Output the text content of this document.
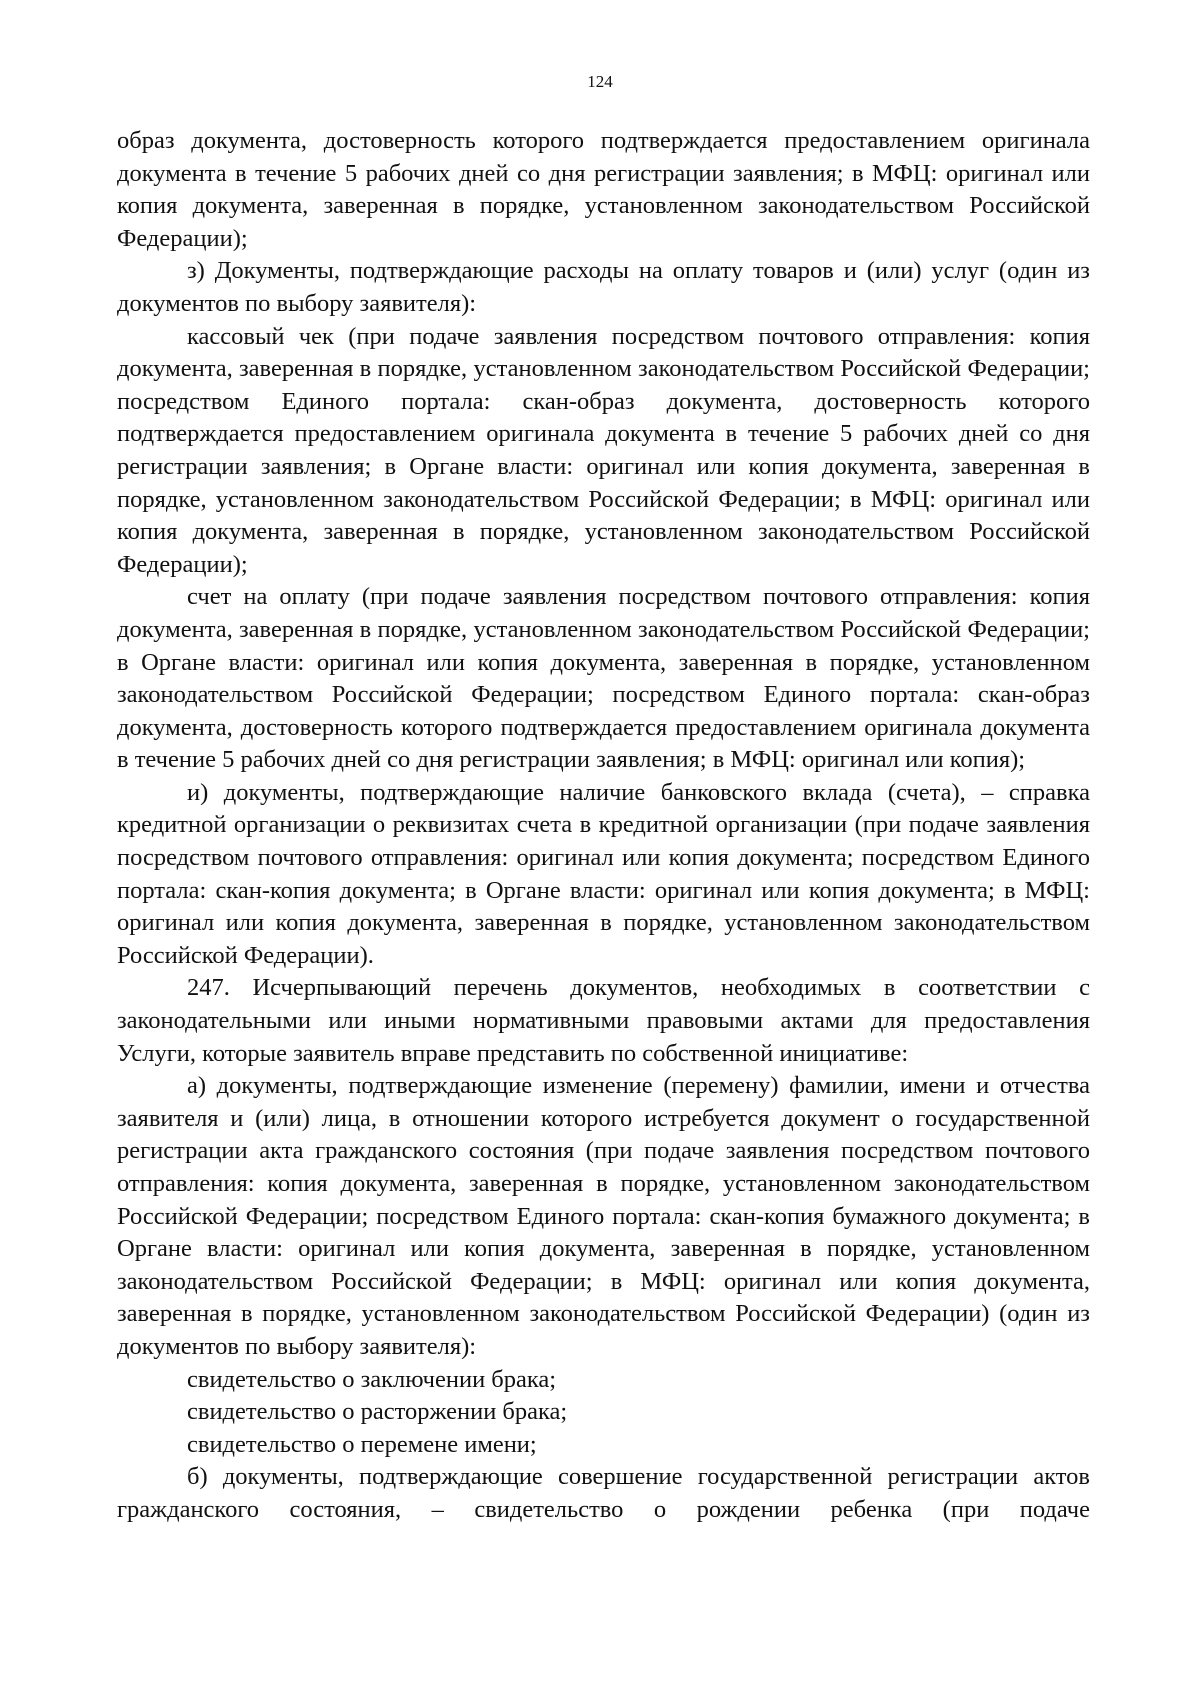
124

образ документа, достоверность которого подтверждается предоставлением оригинала документа в течение 5 рабочих дней со дня регистрации заявления; в МФЦ: оригинал или копия документа, заверенная в порядке, установленном законодательством Российской Федерации);

з) Документы, подтверждающие расходы на оплату товаров и (или) услуг (один из документов по выбору заявителя):

кассовый чек (при подаче заявления посредством почтового отправления: копия документа, заверенная в порядке, установленном законодательством Российской Федерации; посредством Единого портала: скан-образ документа, достоверность которого подтверждается предоставлением оригинала документа в течение 5 рабочих дней со дня регистрации заявления; в Органе власти: оригинал или копия документа, заверенная в порядке, установленном законодательством Российской Федерации; в МФЦ: оригинал или копия документа, заверенная в порядке, установленном законодательством Российской Федерации);

счет на оплату (при подаче заявления посредством почтового отправления: копия документа, заверенная в порядке, установленном законодательством Российской Федерации; в Органе власти: оригинал или копия документа, заверенная в порядке, установленном законодательством Российской Федерации; посредством Единого портала: скан-образ документа, достоверность которого подтверждается предоставлением оригинала документа в течение 5 рабочих дней со дня регистрации заявления; в МФЦ: оригинал или копия);

и) документы, подтверждающие наличие банковского вклада (счета), – справка кредитной организации о реквизитах счета в кредитной организации (при подаче заявления посредством почтового отправления: оригинал или копия документа; посредством Единого портала: скан-копия документа; в Органе власти: оригинал или копия документа; в МФЦ: оригинал или копия документа, заверенная в порядке, установленном законодательством Российской Федерации).

247. Исчерпывающий перечень документов, необходимых в соответствии с законодательными или иными нормативными правовыми актами для предоставления Услуги, которые заявитель вправе представить по собственной инициативе:

а) документы, подтверждающие изменение (перемену) фамилии, имени и отчества заявителя и (или) лица, в отношении которого истребуется документ о государственной регистрации акта гражданского состояния (при подаче заявления посредством почтового отправления: копия документа, заверенная в порядке, установленном законодательством Российской Федерации; посредством Единого портала: скан-копия бумажного документа; в Органе власти: оригинал или копия документа, заверенная в порядке, установленном законодательством Российской Федерации; в МФЦ: оригинал или копия документа, заверенная в порядке, установленном законодательством Российской Федерации) (один из документов по выбору заявителя):

свидетельство о заключении брака;

свидетельство о расторжении брака;

свидетельство о перемене имени;

б) документы, подтверждающие совершение государственной регистрации актов гражданского состояния, – свидетельство о рождении ребенка (при подаче
